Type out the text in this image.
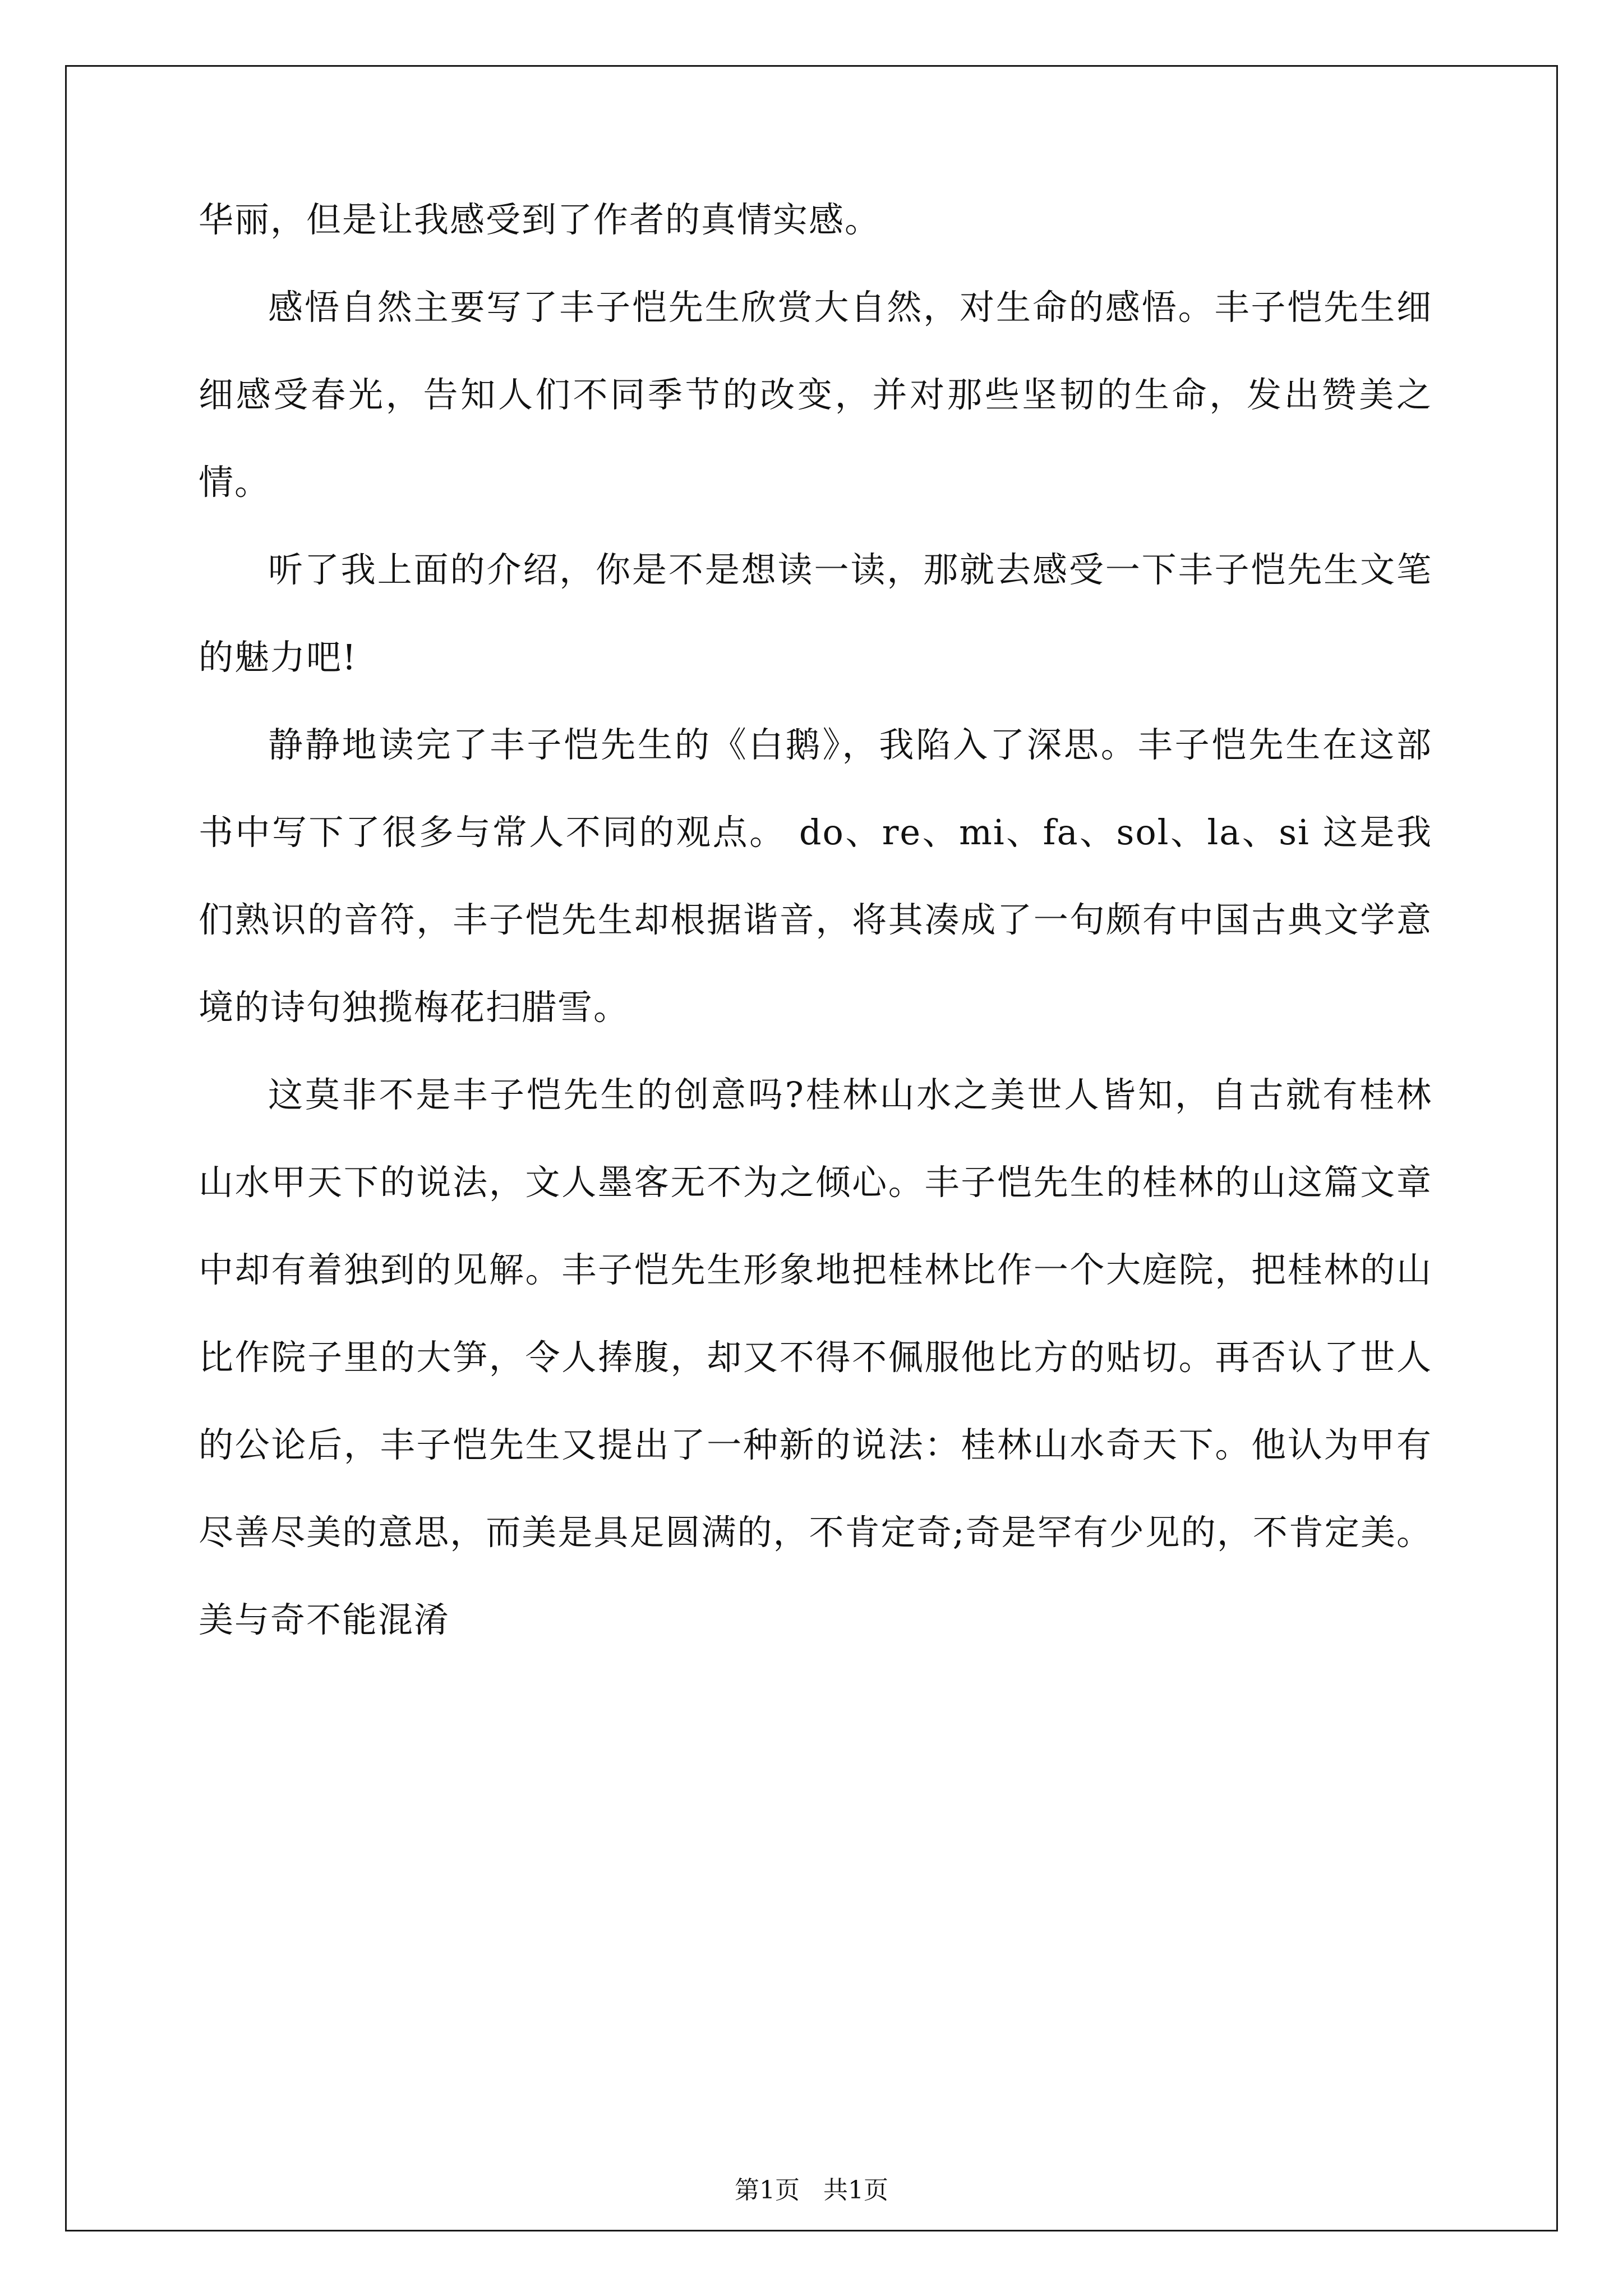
华丽，但是让我感受到了作者的真情实感。

感悟自然主要写了丰子恺先生欣赏大自然，对生命的感悟。丰子恺先生细细感受春光，告知人们不同季节的改变，并对那些坚韧的生命，发出赞美之情。

听了我上面的介绍，你是不是想读一读，那就去感受一下丰子恺先生文笔的魅力吧!

静静地读完了丰子恺先生的《白鹅》，我陷入了深思。丰子恺先生在这部书中写下了很多与常人不同的观点。 do、re、mi、fa、sol、la、si 这是我们熟识的音符，丰子恺先生却根据谐音，将其凑成了一句颇有中国古典文学意境的诗句独揽梅花扫腊雪。

这莫非不是丰子恺先生的创意吗?桂林山水之美世人皆知，自古就有桂林山水甲天下的说法，文人墨客无不为之倾心。丰子恺先生的桂林的山这篇文章中却有着独到的见解。丰子恺先生形象地把桂林比作一个大庭院，把桂林的山比作院子里的大笋，令人捧腹，却又不得不佩服他比方的贴切。再否认了世人的公论后，丰子恺先生又提出了一种新的说法：桂林山水奇天下。他认为甲有尽善尽美的意思，而美是具足圆满的，不肯定奇;奇是罕有少见的，不肯定美。美与奇不能混淆

第1页   共1页
